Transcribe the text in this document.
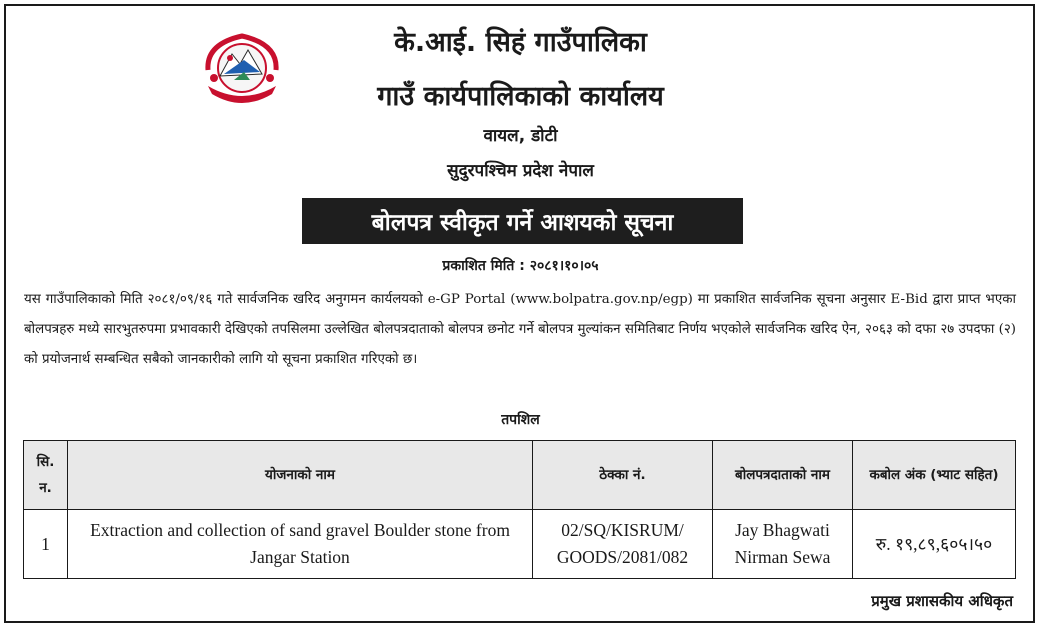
के.आई. सिहं गाउँपालिका
गाउँ कार्यपालिकाको कार्यालय
वायल, डोटी
सुदुरपश्चिम प्रदेश नेपाल
बोलपत्र स्वीकृत गर्ने आशयको सूचना
प्रकाशित मिति : २०८१।१०।०५

यस गाउँपालिकाको मिति २०८१/०९/१६ गते सार्वजनिक खरिद अनुगमन कार्यलयको e-GP Portal (www.bolpatra.gov.np/egp) मा प्रकाशित सार्वजनिक सूचना अनुसार E-Bid द्वारा प्राप्त भएका बोलपत्रहरु मध्ये सारभुतरुपमा प्रभावकारी देखिएको तपसिलमा उल्लेखित बोलपत्रदाताको बोलपत्र छनोट गर्ने बोलपत्र मुल्यांकन समितिबाट निर्णय भएकोले सार्वजनिक खरिद ऐन, २०६३ को दफा २७ उपदफा (२) को प्रयोजनार्थ सम्बन्धित सबैको जानकारीको लागि यो सूचना प्रकाशित गरिएको छ।

तपशिल
सि. न.	योजनाको नाम	ठेक्का नं.	बोलपत्रदाताको नाम	कबोल अंक (भ्याट सहित)
1	Extraction and collection of sand gravel Boulder stone from Jangar Station	02/SQ/KISRUM/ GOODS/2081/082	Jay Bhagwati Nirman Sewa	रु. १९,८९,६०५।५०
प्रमुख प्रशासकीय अधिकृत
